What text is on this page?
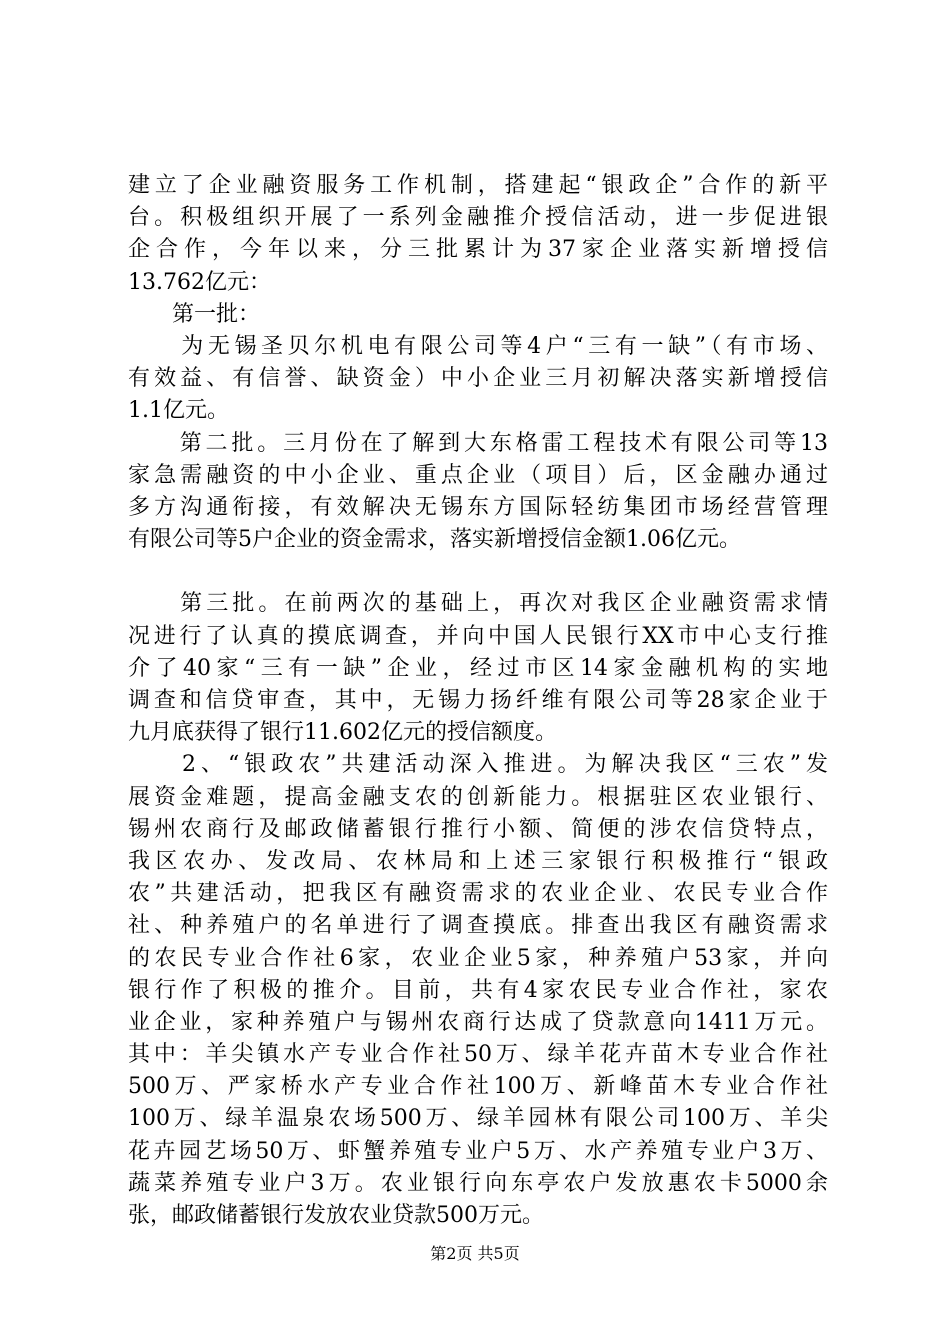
建立了企业融资服务工作机制，搭建起“银政企”合作的新平
台。积极组织开展了一系列金融推介授信活动，进一步促进银
企合作，今年以来，分三批累计为37家企业落实新增授信
13.762亿元：
　　第一批：
　　为无锡圣贝尔机电有限公司等4户“三有一缺”（有市场、
有效益、有信誉、缺资金）中小企业三月初解决落实新增授信
1.1亿元。
　　第二批。三月份在了解到大东格雷工程技术有限公司等13
家急需融资的中小企业、重点企业（项目）后，区金融办通过
多方沟通衔接，有效解决无锡东方国际轻纺集团市场经营管理
有限公司等5户企业的资金需求，落实新增授信金额1.06亿元。
　　第三批。在前两次的基础上，再次对我区企业融资需求情
况进行了认真的摸底调查，并向中国人民银行XX市中心支行推
介了40家“三有一缺”企业，经过市区14家金融机构的实地
调查和信贷审查，其中，无锡力扬纤维有限公司等28家企业于
九月底获得了银行11.602亿元的授信额度。
　　2、“银政农”共建活动深入推进。为解决我区“三农”发
展资金难题，提高金融支农的创新能力。根据驻区农业银行、
锡州农商行及邮政储蓄银行推行小额、简便的涉农信贷特点，
我区农办、发改局、农林局和上述三家银行积极推行“银政
农”共建活动，把我区有融资需求的农业企业、农民专业合作
社、种养殖户的名单进行了调查摸底。排查出我区有融资需求
的农民专业合作社6家，农业企业5家，种养殖户53家，并向
银行作了积极的推介。目前，共有4家农民专业合作社，家农
业企业，家种养殖户与锡州农商行达成了贷款意向1411万元。
其中：羊尖镇水产专业合作社50万、绿羊花卉苗木专业合作社
500万、严家桥水产专业合作社100万、新峰苗木专业合作社
100万、绿羊温泉农场500万、绿羊园林有限公司100万、羊尖
花卉园艺场50万、虾蟹养殖专业户5万、水产养殖专业户3万、
蔬菜养殖专业户3万。农业银行向东亭农户发放惠农卡5000余
张，邮政储蓄银行发放农业贷款500万元。
第2页 共5页
